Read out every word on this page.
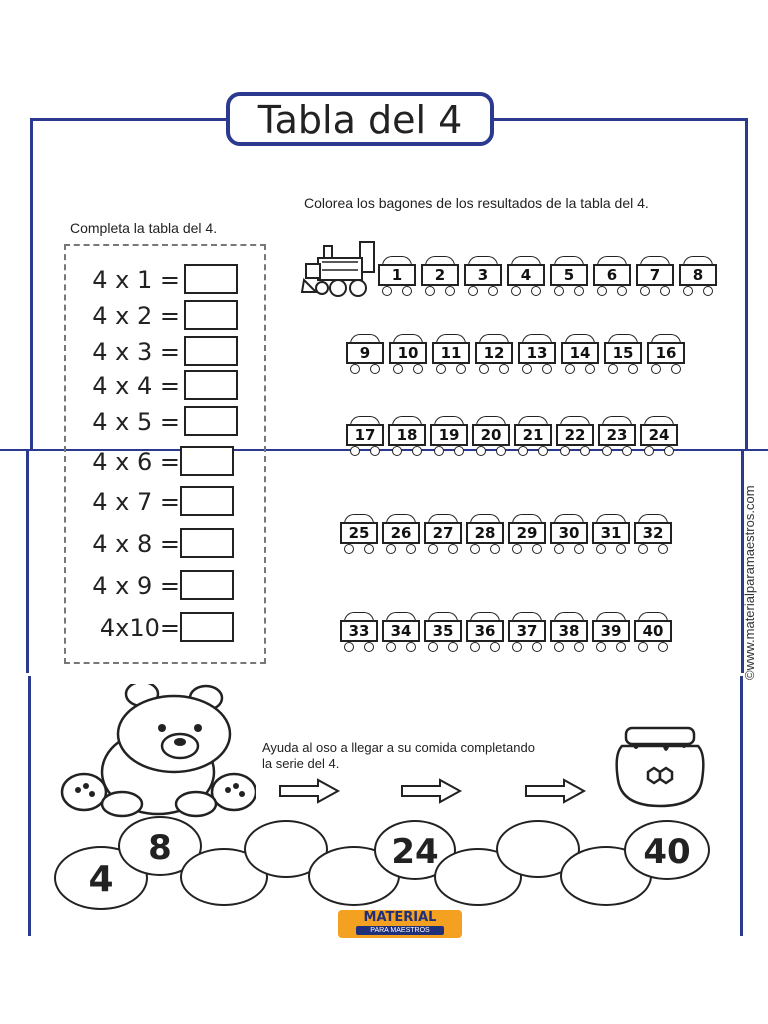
Tabla del 4
Completa la tabla del 4.
Colorea los bagones de los resultados de la tabla del 4.
4 x 1 =
4 x 2 =
4 x 3 =
4 x 4 =
4 x 5 =
4 x 6 =
4 x 7 =
4 x 8 =
4 x 9 =
4x10=
1	2	3	4	5	6	7	8
9	10	11	12	13	14	15	16
17	18	19	20	21	22	23	24
25	26	27	28	29	30	31	32
33	34	35	36	37	38	39	40	©www.materialparamaestros.com
Ayuda al oso a llegar a su comida completando
la serie del 4.
4
8	24	40
MATERIAL
PARA MAESTROS
